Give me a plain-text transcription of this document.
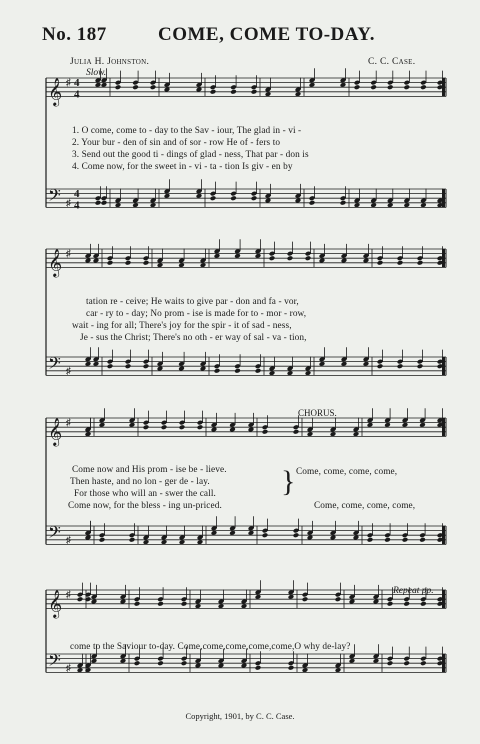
No. 187	COME, COME TO-DAY.
Julia H. Johnston.	C. C. Case.
Slow.
CHORUS.
Repeat pp.
𝄞 ♯ 4
4
𝄢 ♯
4
4
𝄞 ♯
𝄢 ♯
𝄞 ♯
𝄢 ♯
𝄞 ♯
𝄢 ♯
1. O come, come to - day to the Sav - iour, The glad in - vi -
2. Your bur - den of sin and of sor - row He of - fers to
3. Send out the good ti - dings of glad - ness, That par - don is
4. Come now, for the sweet in - vi - ta - tion Is giv - en by
tation re - ceive; He waits to give par - don and fa - vor,
car - ry to - day; No prom - ise is made for to - mor - row,
wait - ing for all; There's joy for the spir - it of sad - ness,
Je - sus the Christ; There's no oth - er way of sal - va - tion,
Come now and His prom - ise be - lieve.
Then haste, and no lon - ger de - lay.
For those who will an - swer the call.
Come now, for the bless - ing un-priced.
} Come, come, come, come,
Come, come, come, come,
come to the Saviour to-day. Come,come,come,come,come,O why de-lay?
Copyright, 1901, by C. C. Case.
